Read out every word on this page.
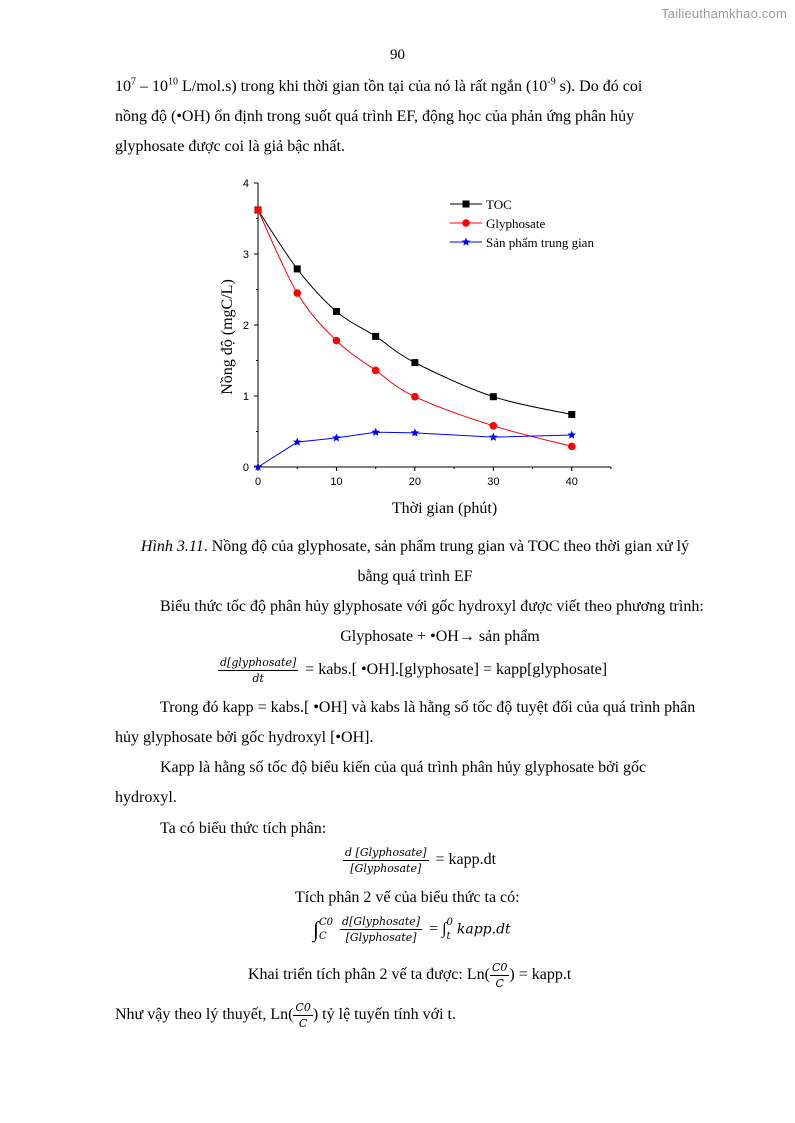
Tailieuthamkhao.com
90
$10^7 - 10^{10}$ L/mol.s) trong khi thời gian tồn tại của nó là rất ngắn ($10^{-9}$ s). Do đó coi
nồng độ (•OH) ổn định trong suốt quá trình EF, động học của phản ứng phân hủy
glyphosate được coi là giả bậc nhất.
0	10	20	30	40
0
1
2
3
4
Thời gian (phút)
Nồng độ (mgC/L)
TOC
Glyphosate
Sản phẩm trung gian
Hình 3.11. Nồng độ của glyphosate, sản phẩm trung gian và TOC theo thời gian xử lý
bằng quá trình EF
Biểu thức tốc độ phân hủy glyphosate với gốc hydroxyl được viết theo phương trình:
Glyphosate + •OH→ sản phẩm
$\frac{\text{d[glyphosate]}}{dt}$ = kabs.[ •OH].[glyphosate] = kapp[glyphosate]
Trong đó kapp = kabs.[ •OH] và kabs là hằng số tốc độ tuyệt đối của quá trình phân
hủy glyphosate bởi gốc hydroxyl [•OH].
Kapp là hằng số tốc độ biểu kiến của quá trình phân hủy glyphosate bởi gốc
hydroxyl.
Ta có biểu thức tích phân:
$\frac{\text{d [Glyphosate]}}{\text{[Glyphosate]}}$ = kapp.dt
Tích phân 2 vế của biểu thức ta có:
∫ C0
C
	$\frac{\text{d[Glyphosate]}}{\text{[Glyphosate]}}$ = ∫ 0
t kapp.dt
Khai triển tích phân 2 vế ta được: $Ln( \frac{C0}{C}$ ) = kapp.t
Như vậy theo lý thuyết, $Ln( \frac{C0}{C}$ ) tỷ lệ tuyến tính với t.
